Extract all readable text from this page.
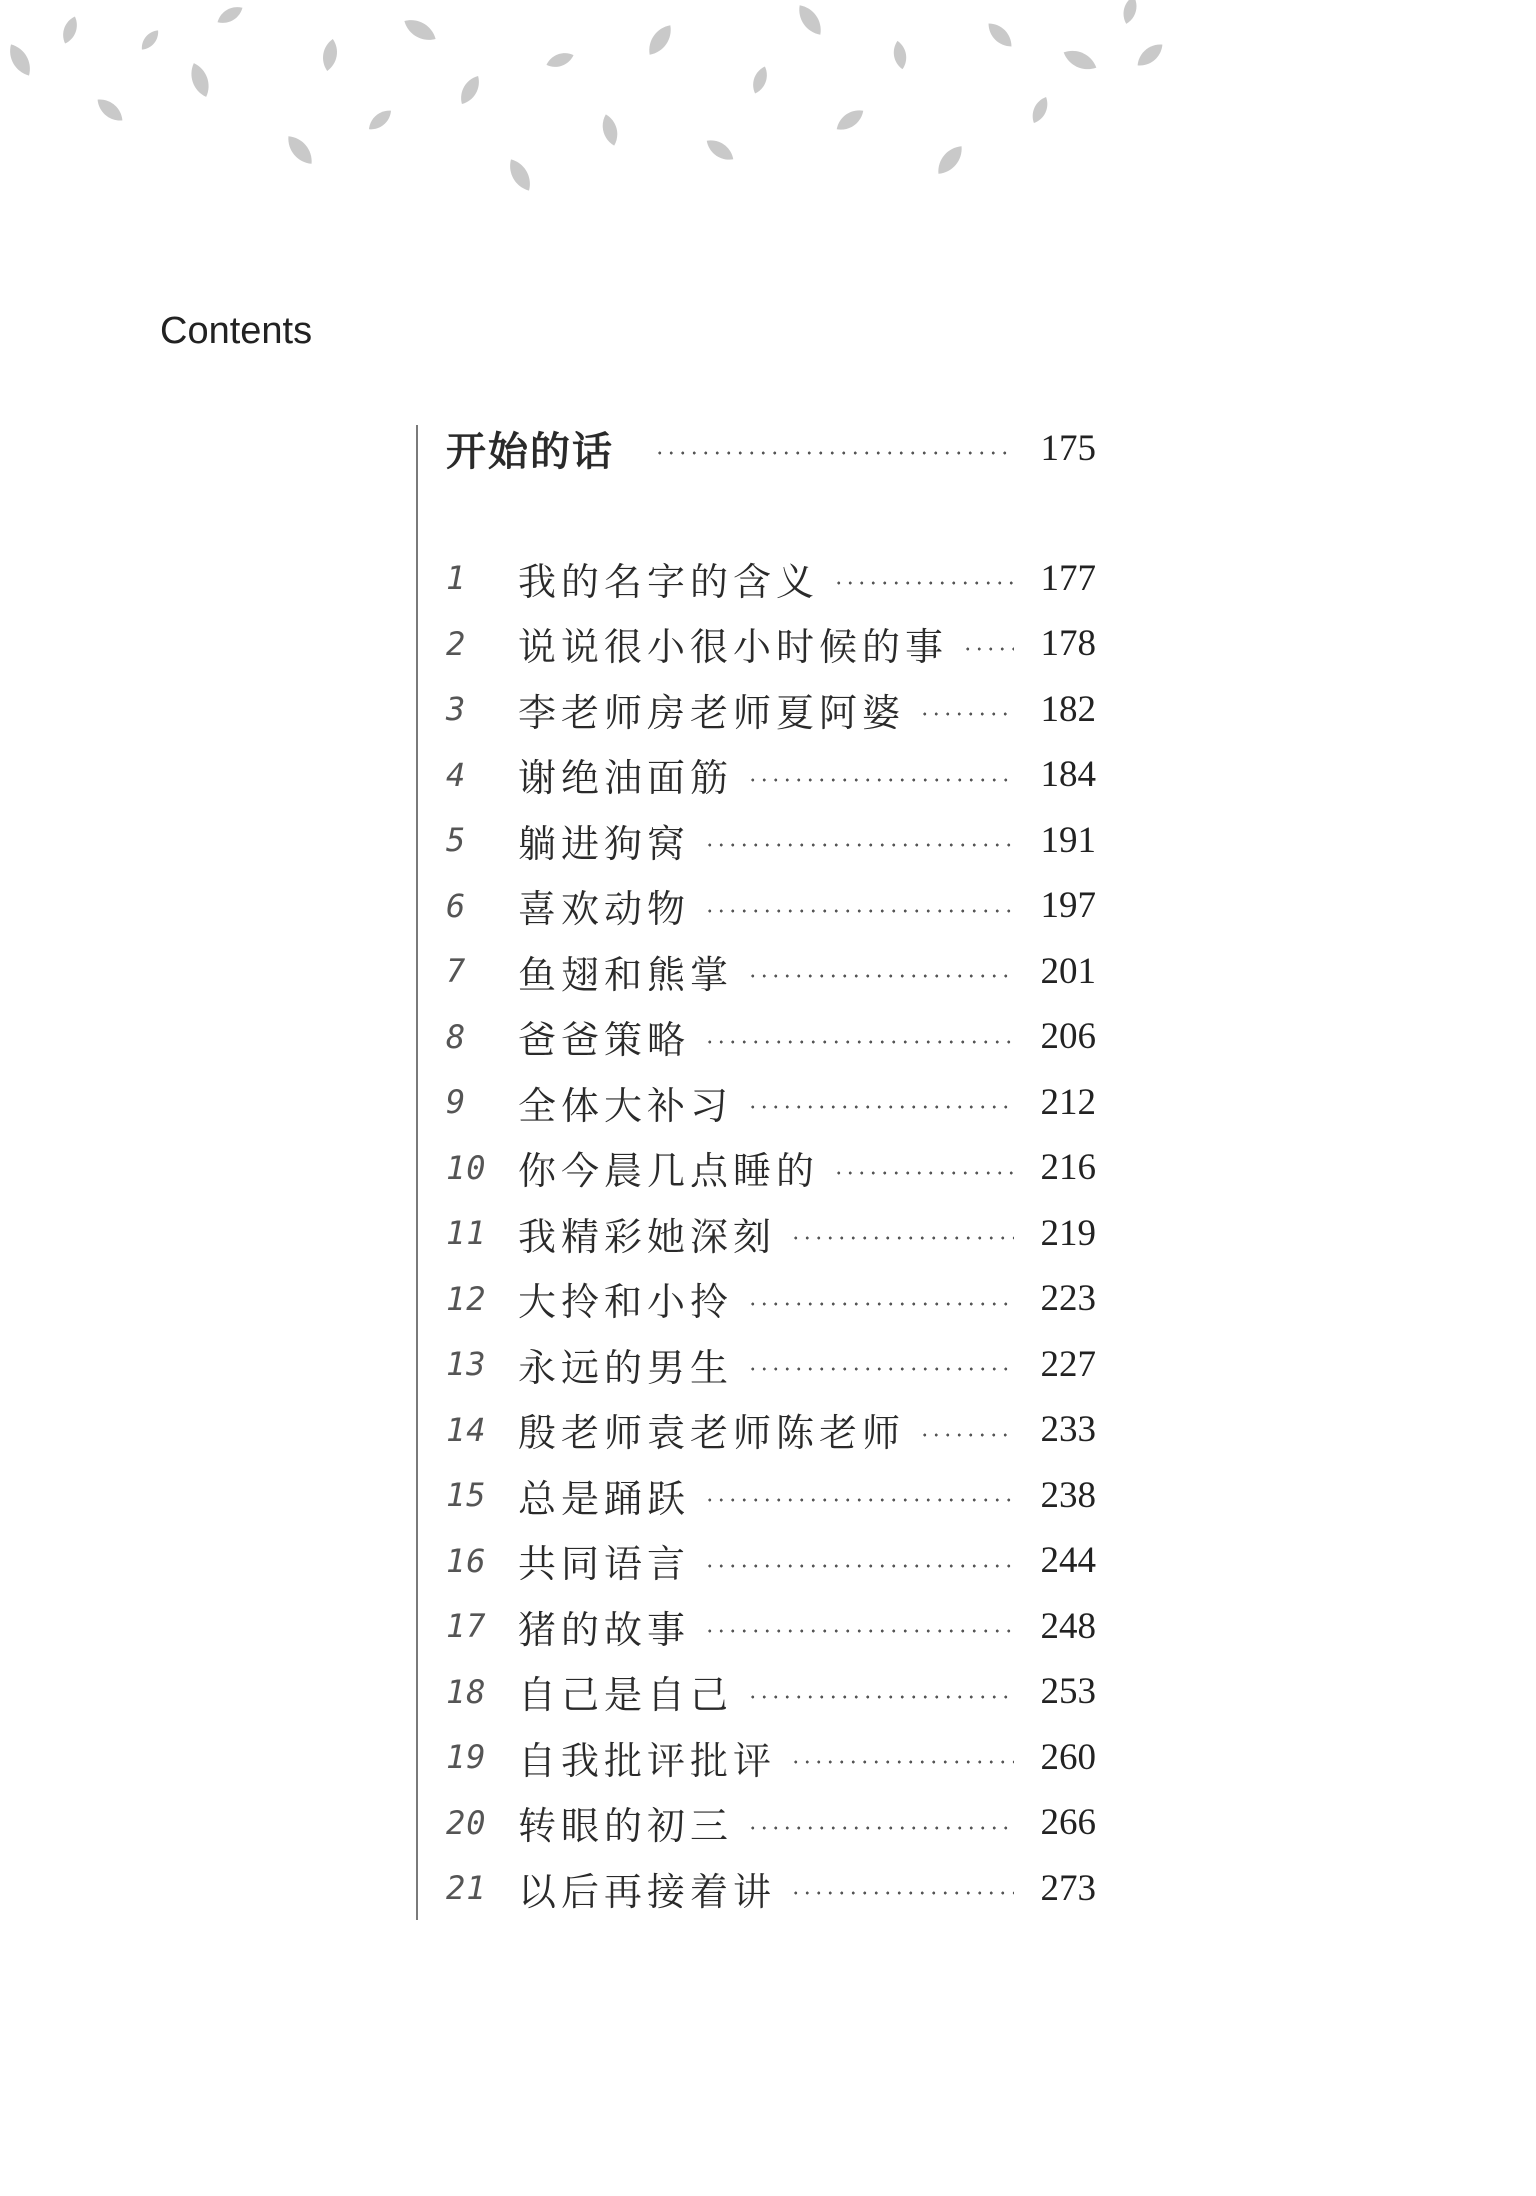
Contents
开始的话	175
1	我的名字的含义	177
2	说说很小很小时候的事 178
3	李老师房老师夏阿婆	182
4	谢绝油面筋	184
5	躺进狗窝	191
6	喜欢动物	197
7	鱼翅和熊掌	201
8	爸爸策略	206
9	全体大补习	212
10 你今晨几点睡的	216
11 我精彩她深刻	219
12 大拎和小拎	223
13 永远的男生	227
14 殷老师袁老师陈老师	233
15 总是踊跃	238
16 共同语言	244
17 猪的故事	248
18 自己是自己	253
19 自我批评批评	260
20 转眼的初三	266
21 以后再接着讲	273
